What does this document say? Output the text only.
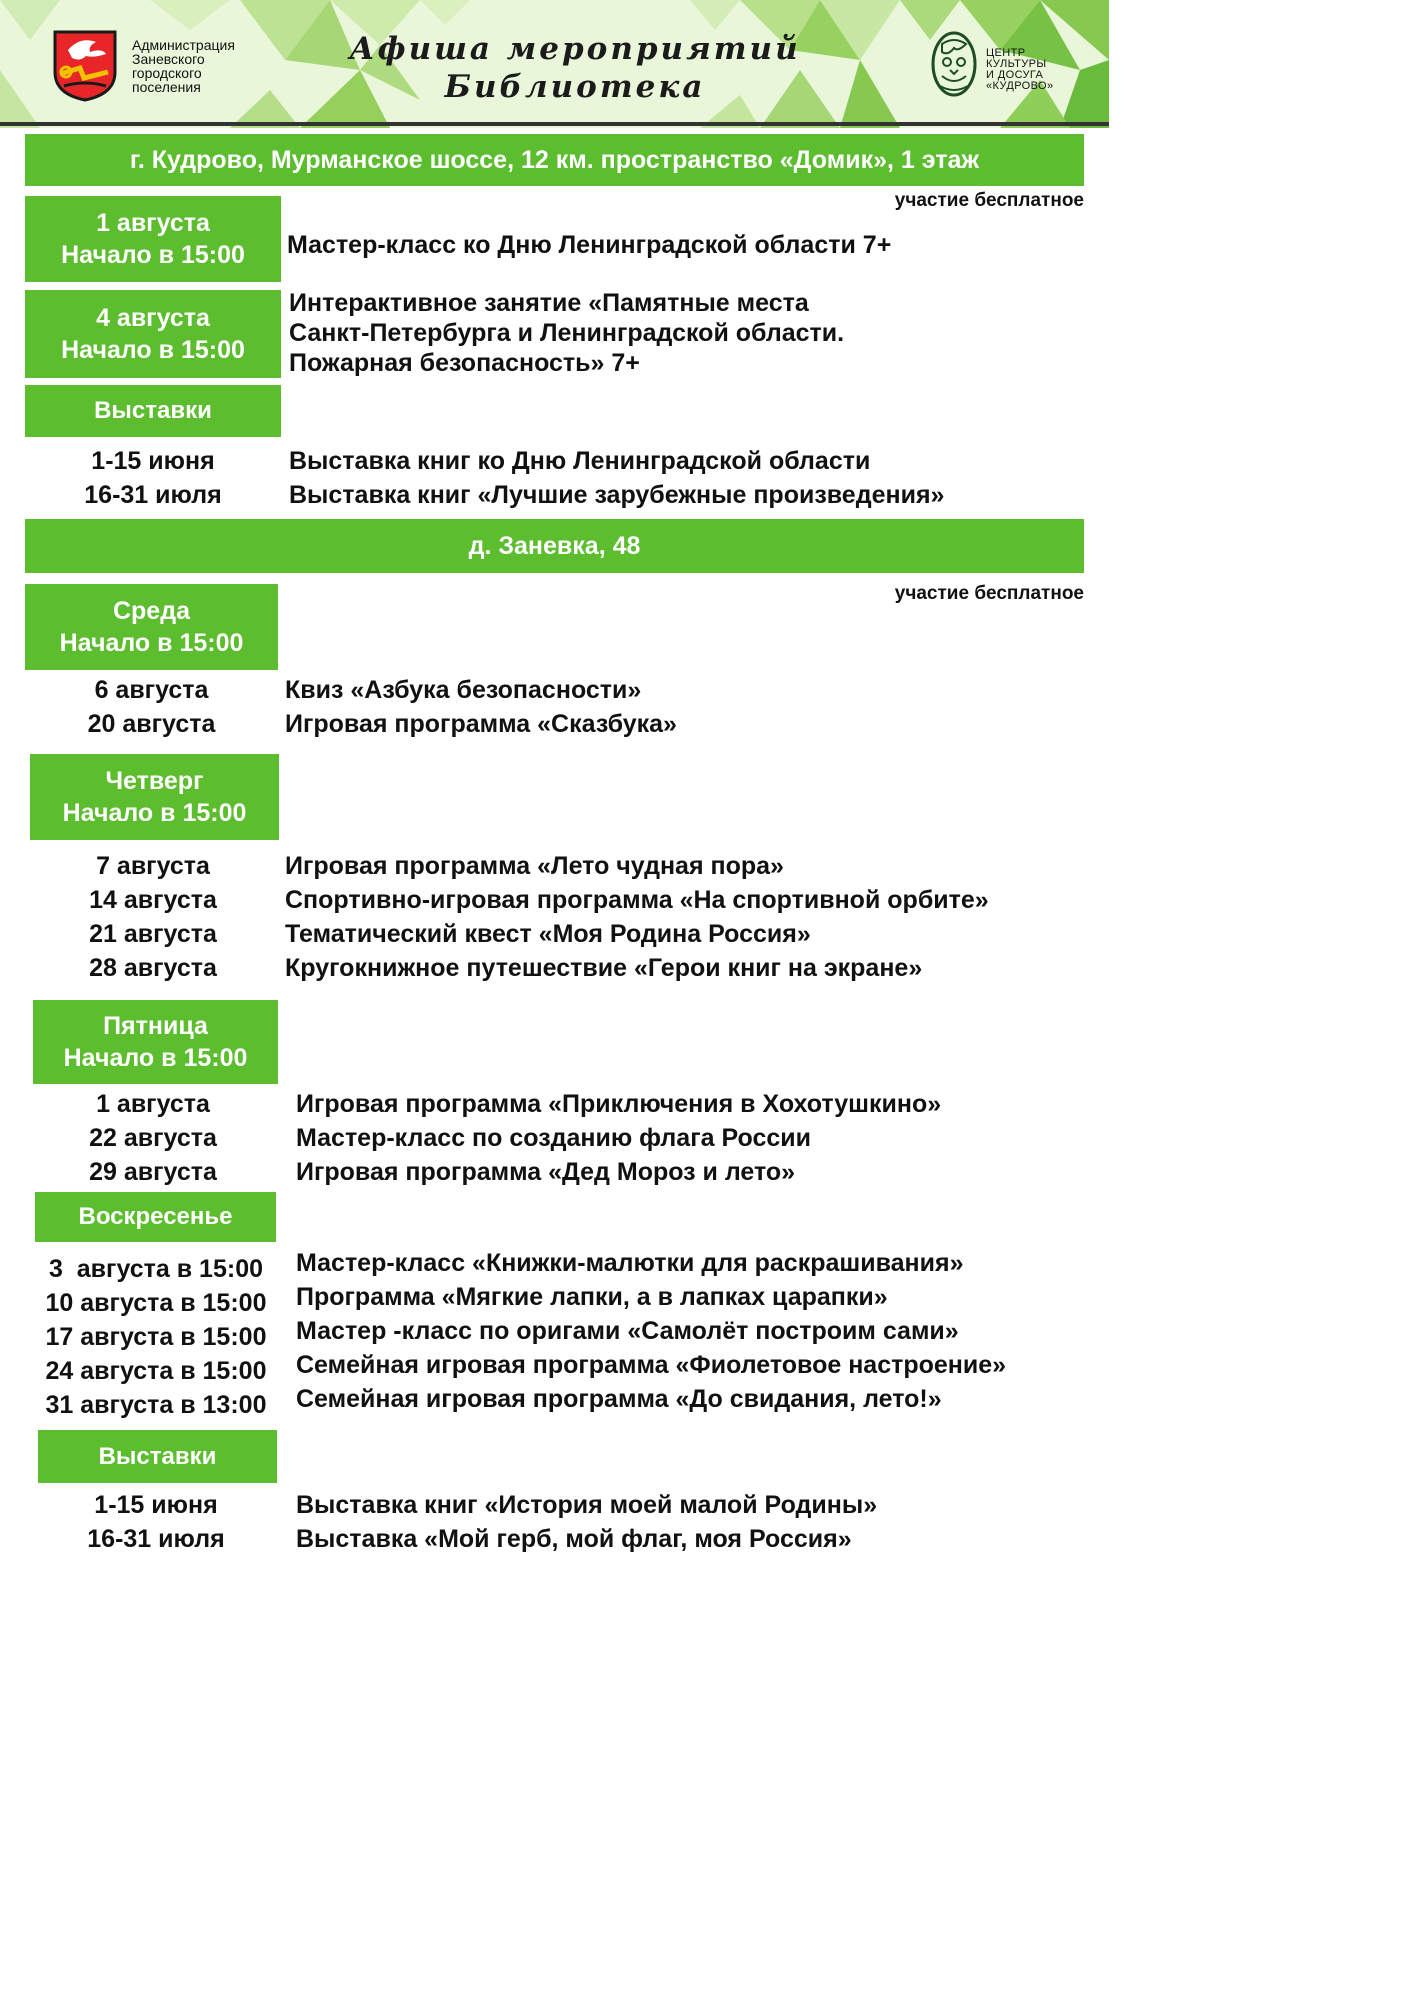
Администрация
Заневского
городского
поселения
Афиша мероприятий
Библиотека
ЦЕНТР
КУЛЬТУРЫ
И ДОСУГА
«КУДРОВО»
г. Кудрово, Мурманское шоссе, 12 км. пространство «Домик», 1 этаж
участие бесплатное
1 августа
Начало в 15:00	Мастер-класс ко Дню Ленинградской области 7+
4 августа
Начало в 15:00
Интерактивное занятие «Памятные места
Санкт-Петербурга и Ленинградской области.
Пожарная безопасность» 7+
Выставки
1-15 июня
16-31 июля
Выставка книг ко Дню Ленинградской области
Выставка книг «Лучшие зарубежные произведения»
д. Заневка, 48
участие бесплатное
Среда
Начало в 15:00
6 августа
20 августа
Квиз «Азбука безопасности»
Игровая программа «Сказбука»
Четверг
Начало в 15:00
7 августа
14 августа
21 августа
28 августа
Игровая программа «Лето чудная пора»
Спортивно-игровая программа «На спортивной орбите»
Тематический квест «Моя Родина Россия»
Кругокнижное путешествие «Герои книг на экране»
Пятница
Начало в 15:00
1 августа
22 августа
29 августа
Игровая программа «Приключения в Хохотушкино»
Мастер-класс по созданию флага России
Игровая программа «Дед Мороз и лето»
Воскресенье
3  августа в 15:00
10 августа в 15:00
17 августа в 15:00
24 августа в 15:00
31 августа в 13:00
Мастер-класс «Книжки-малютки для раскрашивания»
Программа «Мягкие лапки, а в лапках царапки»
Мастер -класс по оригами «Самолёт построим сами»
Семейная игровая программа «Фиолетовое настроение»
Семейная игровая программа «До свидания, лето!»
Выставки
1-15 июня
16-31 июля
Выставка книг «История моей малой Родины»
Выставка «Мой герб, мой флаг, моя Россия»
